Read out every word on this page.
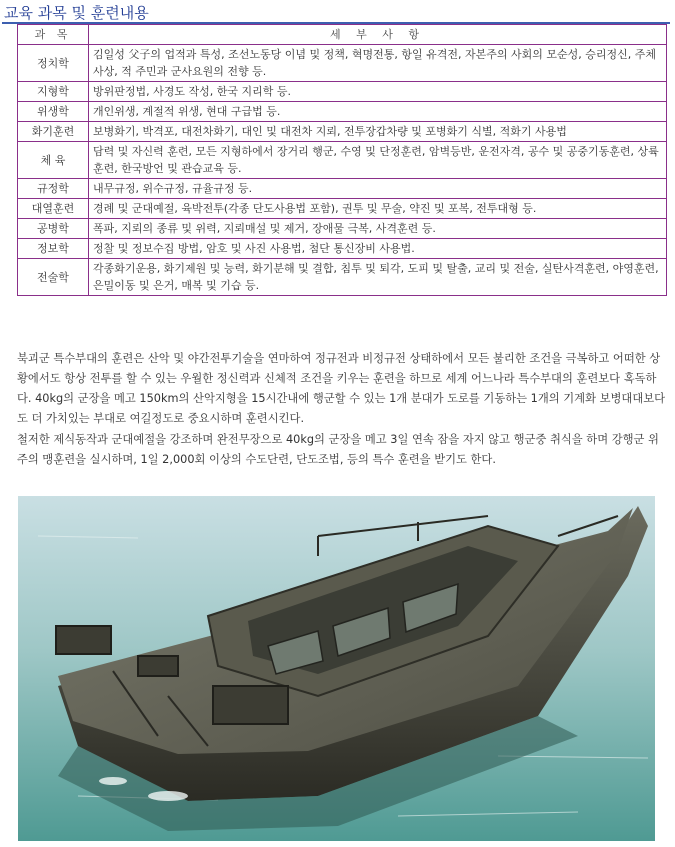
교육 과목 및 훈련내용
과 목	세 부 사 항
정치학	김일성 父子의 업적과 특성, 조선노동당 이념 및 정책, 혁명전통, 항일 유격전, 자본주의 사회의 모순성, 승리정신, 주체사상, 적 주민과 군사요원의 전향 등.
지형학	방위판정법, 사경도 작성, 한국 지리학 등.
위생학	개인위생, 계절적 위생, 현대 구급법 등.
화기훈련	보병화기, 박격포, 대전차화기, 대인 및 대전차 지뢰, 전투장갑차량 및 포병화기 식별, 적화기 사용법
체 육	담력 및 자신력 훈련, 모든 지형하에서 장거리 행군, 수영 및 단정훈련, 암벽등반, 운전자격, 공수 및 공중기동훈련, 상륙훈련, 한국방언 및 관습교육 등.
규정학	내무규정, 위수규정, 규율규정 등.
대열훈련	경례 및 군대예절, 육박전투(각종 단도사용법 포함), 권투 및 무술, 약진 및 포복, 전투대형 등.
공병학	폭파, 지뢰의 종류 및 위력, 지뢰매설 및 제거, 장애물 극복, 사격훈련 등.
정보학	정찰 및 정보수집 방법, 암호 및 사진 사용법, 첨단 통신장비 사용법.
전술학	각종화기운용, 화기제원 및 능력, 화기분해 및 결합, 침투 및 퇴각, 도피 및 탈출, 교리 및 전술, 실탄사격훈련, 야영훈련, 은밀이동 및 은거, 매복 및 기습 등.
북괴군 특수부대의 훈련은 산악 및 야간전투기술을 연마하여 정규전과 비정규전 상태하에서 모든 불리한 조건을 극복하고 어떠한 상황에서도 항상 전투를 할 수 있는 우월한 정신력과 신체적 조건을 키우는 훈련을 하므로 세계 어느나라 특수부대의 훈련보다 혹독하다. 40kg의 군장을 메고 150km의 산악지형을 15시간내에 행군할 수 있는 1개 분대가 도로를 기동하는 1개의 기계화 보병대대보다도 더 가치있는 부대로 여길정도로 중요시하며 훈련시킨다.
철저한 제식동작과 군대예절을 강조하며 완전무장으로 40kg의 군장을 메고 3일 연속 잠을 자지 않고 행군중 취식을 하며 강행군 위주의 맹훈련을 실시하며, 1일 2,000회 이상의 수도단련, 단도조법, 등의 특수 훈련을 받기도 한다.
